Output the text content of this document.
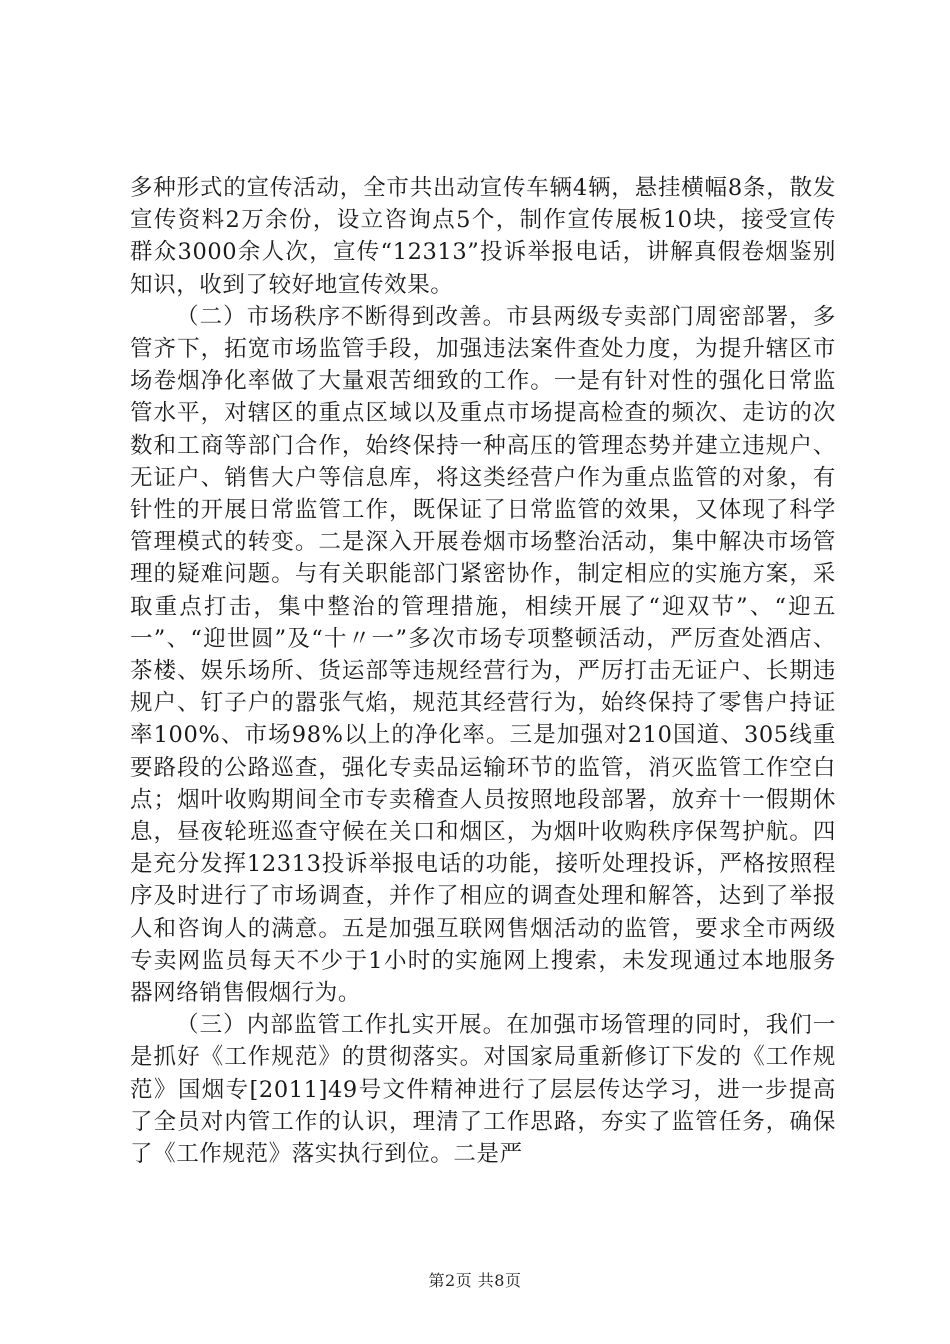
多种形式的宣传活动，全市共出动宣传车辆4辆，悬挂横幅8条，散发宣传资料2万余份，设立咨询点5个，制作宣传展板10块，接受宣传群众3000余人次，宣传“12313”投诉举报电话，讲解真假卷烟鉴别知识，收到了较好地宣传效果。

（二）市场秩序不断得到改善。市县两级专卖部门周密部署，多管齐下，拓宽市场监管手段，加强违法案件查处力度，为提升辖区市场卷烟净化率做了大量艰苦细致的工作。一是有针对性的强化日常监管水平，对辖区的重点区域以及重点市场提高检查的频次、走访的次数和工商等部门合作，始终保持一种高压的管理态势并建立违规户、无证户、销售大户等信息库，将这类经营户作为重点监管的对象，有针性的开展日常监管工作，既保证了日常监管的效果，又体现了科学管理模式的转变。二是深入开展卷烟市场整治活动，集中解决市场管理的疑难问题。与有关职能部门紧密协作，制定相应的实施方案，采取重点打击，集中整治的管理措施，相续开展了“迎双节”、“迎五一”、“迎世圆”及“十〃一”多次市场专项整顿活动，严厉查处酒店、茶楼、娱乐场所、货运部等违规经营行为，严厉打击无证户、长期违规户、钉子户的嚣张气焰，规范其经营行为，始终保持了零售户持证率100%、市场98%以上的净化率。三是加强对210国道、305线重要路段的公路巡查，强化专卖品运输环节的监管，消灭监管工作空白点；烟叶收购期间全市专卖稽查人员按照地段部署，放弃十一假期休息，昼夜轮班巡查守候在关口和烟区，为烟叶收购秩序保驾护航。四是充分发挥12313投诉举报电话的功能，接听处理投诉，严格按照程序及时进行了市场调查，并作了相应的调查处理和解答，达到了举报人和咨询人的满意。五是加强互联网售烟活动的监管，要求全市两级专卖网监员每天不少于1小时的实施网上搜索，未发现通过本地服务器网络销售假烟行为。

（三）内部监管工作扎实开展。在加强市场管理的同时，我们一是抓好《工作规范》的贯彻落实。对国家局重新修订下发的《工作规范》国烟专[2011]49号文件精神进行了层层传达学习，进一步提高了全员对内管工作的认识，理清了工作思路，夯实了监管任务，确保了《工作规范》落实执行到位。二是严

第2页 共8页
